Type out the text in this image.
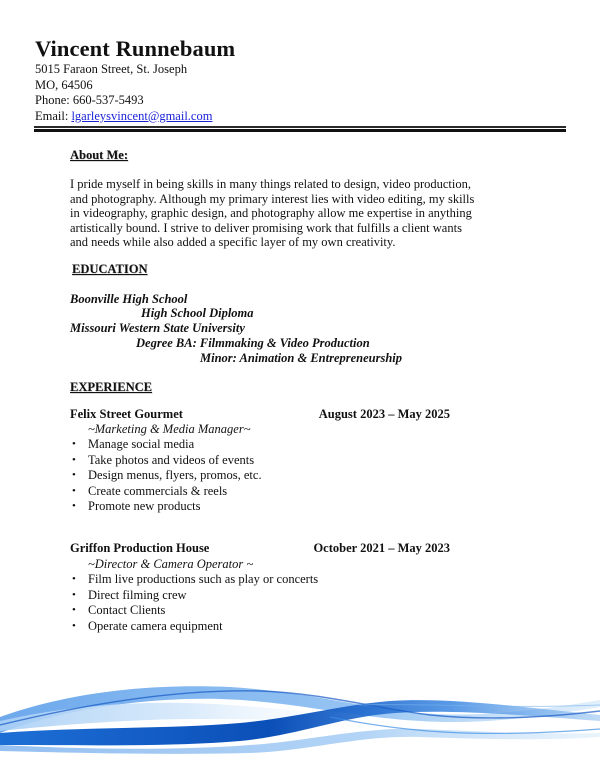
Vincent Runnebaum
5015 Faraon Street, St. Joseph
MO, 64506
Phone: 660-537-5493
Email: lgarleysvincent@gmail.com
About Me:
I pride myself in being skills in many things related to design, video production, and photography. Although my primary interest lies with video editing, my skills in videography, graphic design, and photography allow me expertise in anything artistically bound. I strive to deliver promising work that fulfills a client wants and needs while also added a specific layer of my own creativity.
EDUCATION
Boonville High School
High School Diploma
Missouri Western State University
Degree BA: Filmmaking & Video Production
Minor: Animation & Entrepreneurship
EXPERIENCE
Felix Street Gourmet	August 2023 – May 2025
~Marketing & Media Manager~
• Manage social media
• Take photos and videos of events
• Design menus, flyers, promos, etc.
• Create commercials & reels
• Promote new products
Griffon Production House	October 2021 – May 2023
~Director & Camera Operator ~
• Film live productions such as play or concerts
• Direct filming crew
• Contact Clients
• Operate camera equipment
